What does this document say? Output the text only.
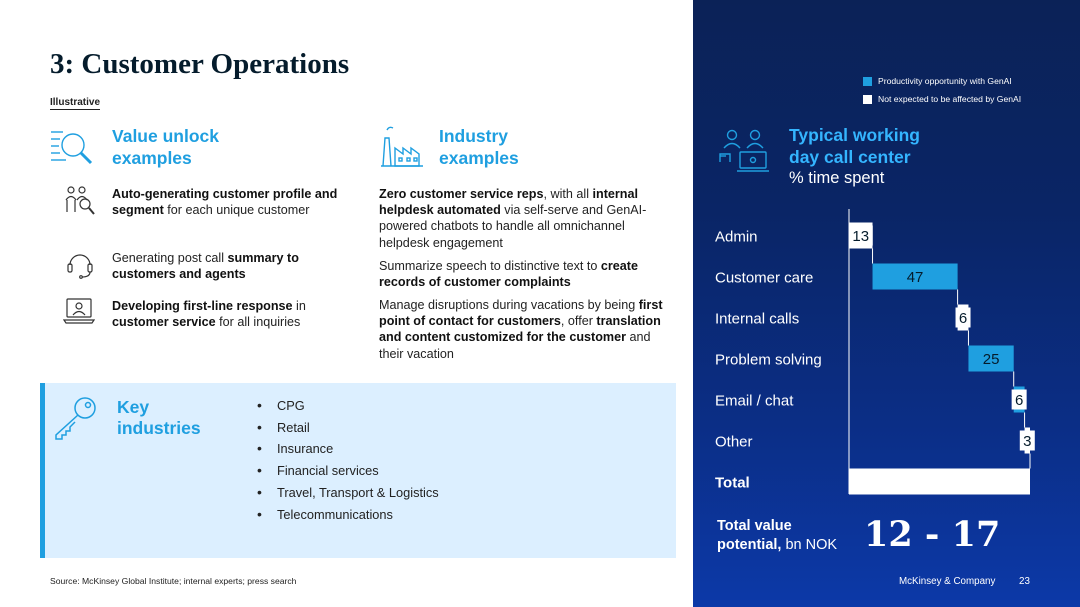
3: Customer Operations
Illustrative
Value unlock
examples
Industry
examples
Auto-generating customer profile and segment for each unique customer
Generating post call summary to customers and agents
Developing first-line response in customer service for all inquiries
Zero customer service reps, with all internal helpdesk automated via self-serve and GenAI-powered chatbots to handle all omnichannel helpdesk engagement
Summarize speech to distinctive text to create records of customer complaints
Manage disruptions during vacations by being first point of contact for customers, offer translation and content customized for the customer and their vacation
Key
industries
• CPG
• Retail
• Insurance
• Financial services
• Travel, Transport & Logistics
• Telecommunications
Source: McKinsey Global Institute; internal experts; press search
Productivity opportunity with GenAI
Not expected to be affected by GenAI
Typical working
day call center
% time spent
Admin	13
Customer care	47
Internal calls	6
Problem solving	25
Email / chat	6
Other	3
Total
Total value
potential, bn NOK 12 - 17
McKinsey & Company 23
